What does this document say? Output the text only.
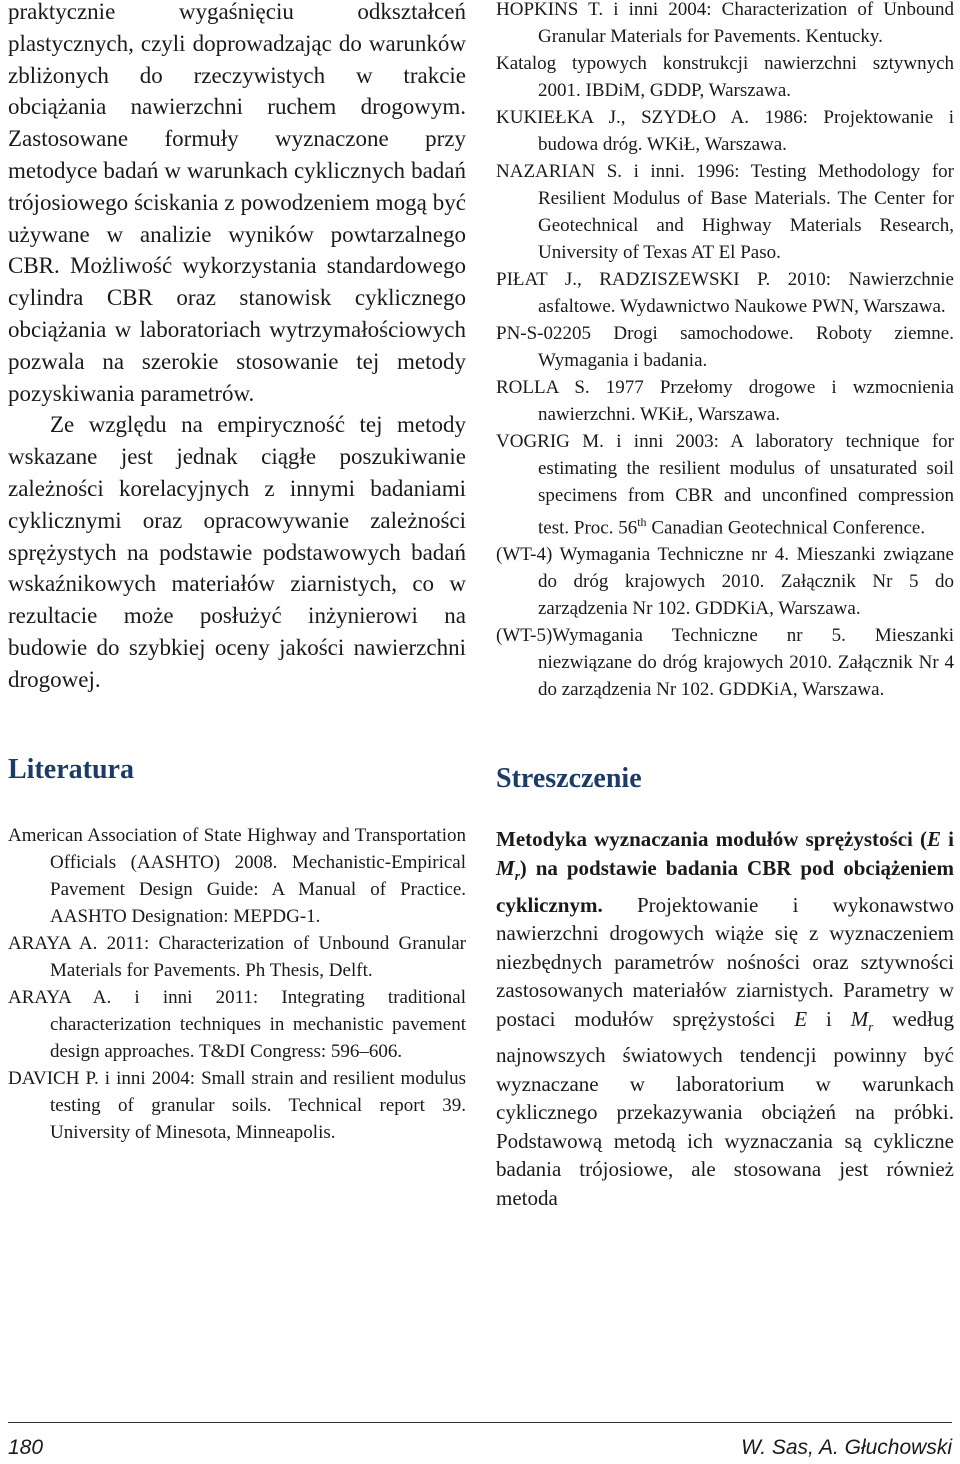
praktycznie wygaśnięciu odkształceń plastycznych, czyli doprowadzając do warunków zbliżonych do rzeczywistych w trakcie obciążania nawierzchni ruchem drogowym. Zastosowane formuły wyznaczone przy metodyce badań w warunkach cyklicznych badań trójosiowego ściskania z powodzeniem mogą być używane w analizie wyników powtarzalnego CBR. Możliwość wykorzystania standardowego cylindra CBR oraz stanowisk cyklicznego obciążania w laboratoriach wytrzymałościowych pozwala na szerokie stosowanie tej metody pozyskiwania parametrów.

Ze względu na empiryczność tej metody wskazane jest jednak ciągłe poszukiwanie zależności korelacyjnych z innymi badaniami cyklicznymi oraz opracowywanie zależności sprężystych na podstawie podstawowych badań wskaźnikowych materiałów ziarnistych, co w rezultacie może posłużyć inżynierowi na budowie do szybkiej oceny jakości nawierzchni drogowej.

Literatura

American Association of State Highway and Transportation Officials (AASHTO) 2008. Mechanistic-Empirical Pavement Design Guide: A Manual of Practice. AASHTO Designation: MEPDG-1.

ARAYA A. 2011: Characterization of Unbound Granular Materials for Pavements. Ph Thesis, Delft.

ARAYA A. i inni 2011: Integrating traditional characterization techniques in mechanistic pavement design approaches. T&DI Congress: 596–606.

DAVICH P. i inni 2004: Small strain and resilient modulus testing of granular soils. Technical report 39. University of Minesota, Minneapolis.

HOPKINS T. i inni 2004: Characterization of Unbound Granular Materials for Pavements. Kentucky.

Katalog typowych konstrukcji nawierzchni sztywnych 2001. IBDiM, GDDP, Warszawa.

KUKIEŁKA J., SZYDŁO A. 1986: Projektowanie i budowa dróg. WKiŁ, Warszawa.

NAZARIAN S. i inni. 1996: Testing Methodology for Resilient Modulus of Base Materials. The Center for Geotechnical and Highway Materials Research, University of Texas AT El Paso.

PIŁAT J., RADZISZEWSKI P. 2010: Nawierzchnie asfaltowe. Wydawnictwo Naukowe PWN, Warszawa.

PN-S-02205 Drogi samochodowe. Roboty ziemne. Wymagania i badania.

ROLLA S. 1977 Przełomy drogowe i wzmocnienia nawierzchni. WKiŁ, Warszawa.

VOGRIG M. i inni 2003: A laboratory technique for estimating the resilient modulus of unsaturated soil specimens from CBR and unconfined compression test. Proc. 56th Canadian Geotechnical Conference.

(WT-4) Wymagania Techniczne nr 4. Mieszanki związane do dróg krajowych 2010. Załącznik Nr 5 do zarządzenia Nr 102. GDDKiA, Warszawa.

(WT-5)Wymagania Techniczne nr 5. Mieszanki niezwiązane do dróg krajowych 2010. Załącznik Nr 4 do zarządzenia Nr 102. GDDKiA, Warszawa.

Streszczenie

Metodyka wyznaczania modułów sprężystości (E i $M_r$) na podstawie badania CBR pod obciążeniem cyklicznym. Projektowanie i wykonawstwo nawierzchni drogowych wiąże się z wyznaczeniem niezbędnych parametrów nośności oraz sztywności zastosowanych materiałów ziarnistych. Parametry w postaci modułów sprężystości E i $M_r$ według najnowszych światowych tendencji powinny być wyznaczane w laboratorium w warunkach cyklicznego przekazywania obciążeń na próbki. Podstawową metodą ich wyznaczania są cykliczne badania trójosiowe, ale stosowana jest również metoda

180	W. Sas, A. Głuchowski
